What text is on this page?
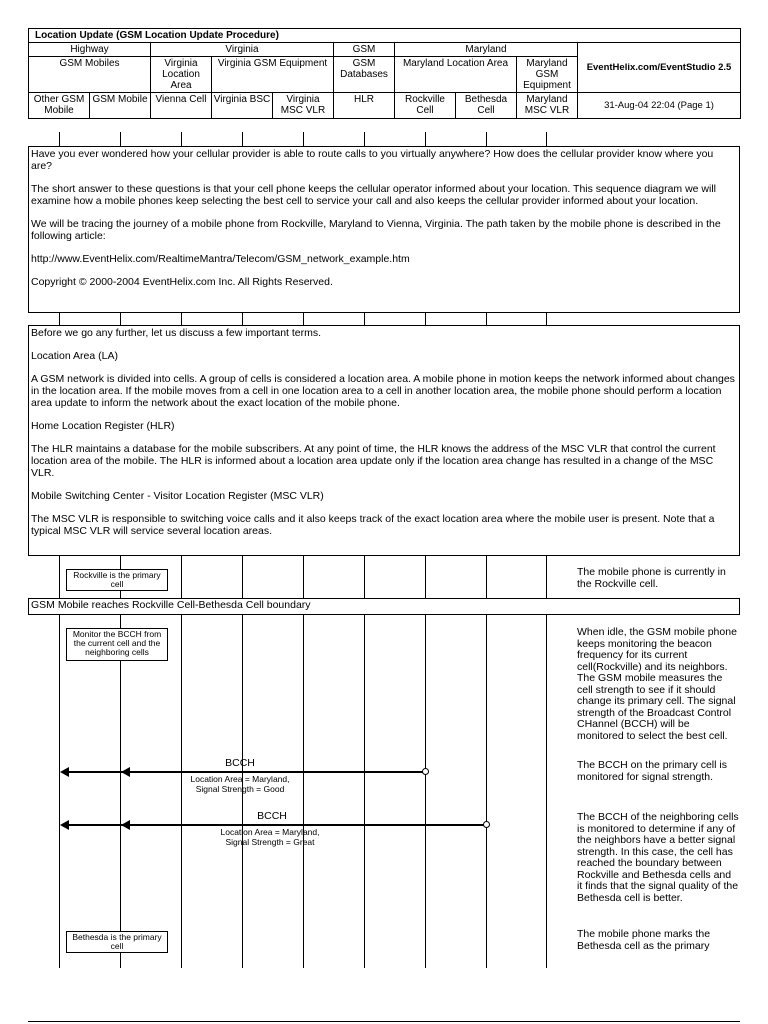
Location Update (GSM Location Update Procedure)									
Highway		Virginia			GSM	Maryland			EventHelix.com/EventStudio 2.5
GSM Mobiles		Virginia Location Area	Virginia GSM Equipment		GSM Databases	Maryland Location Area		Maryland GSM Equipment	
Other GSM Mobile	GSM Mobile	Vienna Cell	Virginia BSC	Virginia MSC VLR	HLR	Rockville Cell	Bethesda Cell	Maryland MSC VLR	31-Aug-04 22:04 (Page 1)

Have you ever wondered how your cellular provider is able to route calls to you virtually anywhere? How does the cellular provider know where you are?

The short answer to these questions is that your cell phone keeps the cellular operator informed about your location. This sequence diagram we will examine how a mobile phones keep selecting the best cell to service your call and also keeps the cellular provider informed about your location.

We will be tracing the journey of a mobile phone from Rockville, Maryland to Vienna, Virginia. The path taken by the mobile phone is described in the following article:

http://www.EventHelix.com/RealtimeMantra/Telecom/GSM_network_example.htm

Copyright © 2000-2004 EventHelix.com Inc. All Rights Reserved.

Before we go any further, let us discuss a few important terms.

Location Area (LA)

A GSM network is divided into cells. A group of cells is considered a location area. A mobile phone in motion keeps the network informed about changes in the location area. If the mobile moves from a cell in one location area to a cell in another location area, the mobile phone should perform a location area update to inform the network about the exact location of the mobile phone.

Home Location Register (HLR)

The HLR maintains a database for the mobile subscribers. At any point of time, the HLR knows the address of the MSC VLR that control the current location area of the mobile. The HLR is informed about a location area update only if the location area change has resulted in a change of the MSC VLR.

Mobile Switching Center - Visitor Location Register (MSC VLR)

The MSC VLR is responsible to switching voice calls and it also keeps track of the exact location area where the mobile user is present. Note that a typical MSC VLR will service several location areas.

Rockville is the primary cell
The mobile phone is currently in the Rockville cell.
GSM Mobile reaches Rockville Cell-Bethesda Cell boundary
Monitor the BCCH from the current cell and the neighboring cells
When idle, the GSM mobile phone keeps monitoring the beacon frequency for its current cell(Rockville) and its neighbors. The GSM mobile measures the cell strength to see if it should change its primary cell. The signal strength of the Broadcast Control CHannel (BCCH) will be monitored to select the best cell.
BCCH
Location Area = Maryland,
Signal Strength = Good
The BCCH on the primary cell is monitored for signal strength.
BCCH
Location Area = Maryland,
Signal Strength = Great
The BCCH of the neighboring cells is monitored to determine if any of the neighbors have a better signal strength. In this case, the cell has reached the boundary between Rockville and Bethesda cells and it finds that the signal quality of the Bethesda cell is better.
Bethesda is the primary cell
The mobile phone marks the Bethesda cell as the primary
